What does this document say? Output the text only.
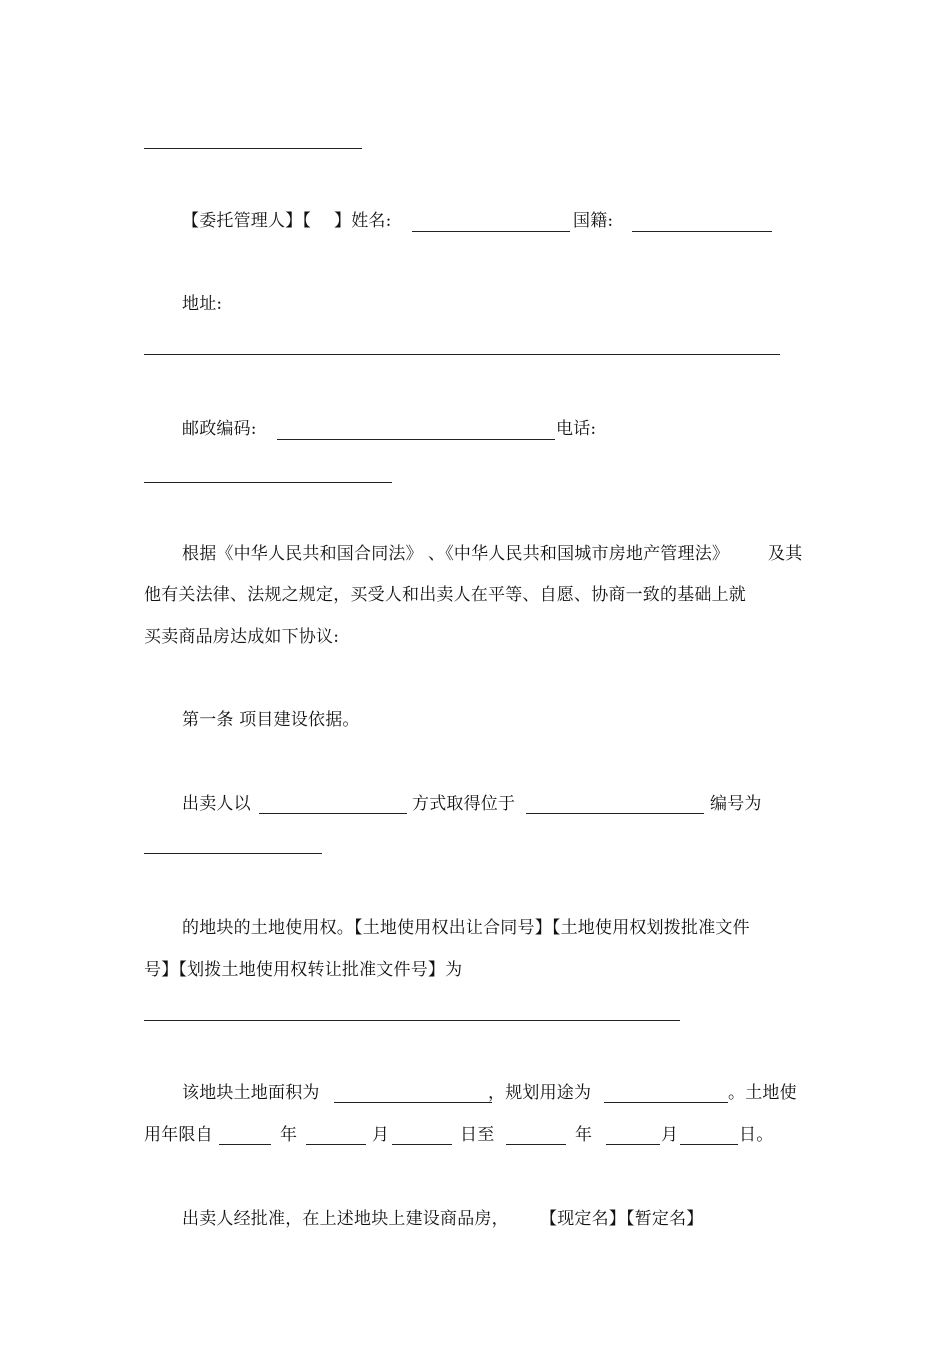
【委托管理人】【 】姓名:	国籍:
地址:
邮政编码:	电话:
根据《中华人民共和国合同法》 、《中华人民共和国城市房地产管理法》 及其
他有关法律、法规之规定，买受人和出卖人在平等、自愿、协商一致的基础上就
买卖商品房达成如下协议:
第一条 项目建设依据。
出卖人以	方式取得位于	编号为
的地块的土地使用权。【土地使用权出让合同号】【土地使用权划拨批准文件
号】【划拨土地使用权转让批准文件号】为
该地块土地面积为	，规划用途为	。土地使
用年限自	年	月	日至	年	月	日。
出卖人经批准，在上述地块上建设商品房， 【现定名】【暂定名】
